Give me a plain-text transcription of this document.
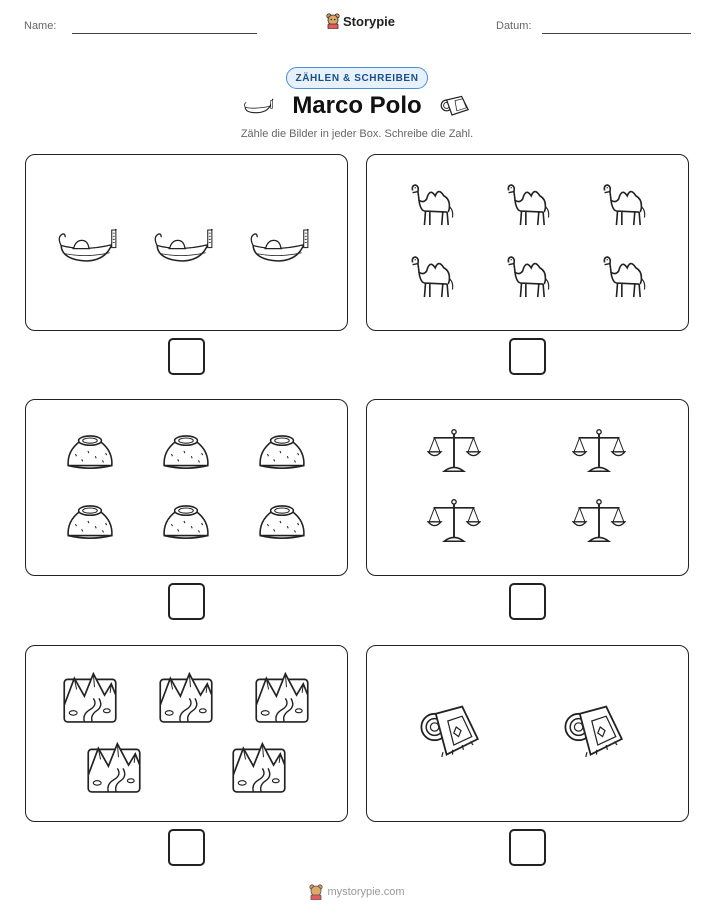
Name:	Storypie	Datum:
ZÄHLEN & SCHREIBEN
Marco Polo
Zähle die Bilder in jeder Box. Schreibe die Zahl.
mystorypie.com
